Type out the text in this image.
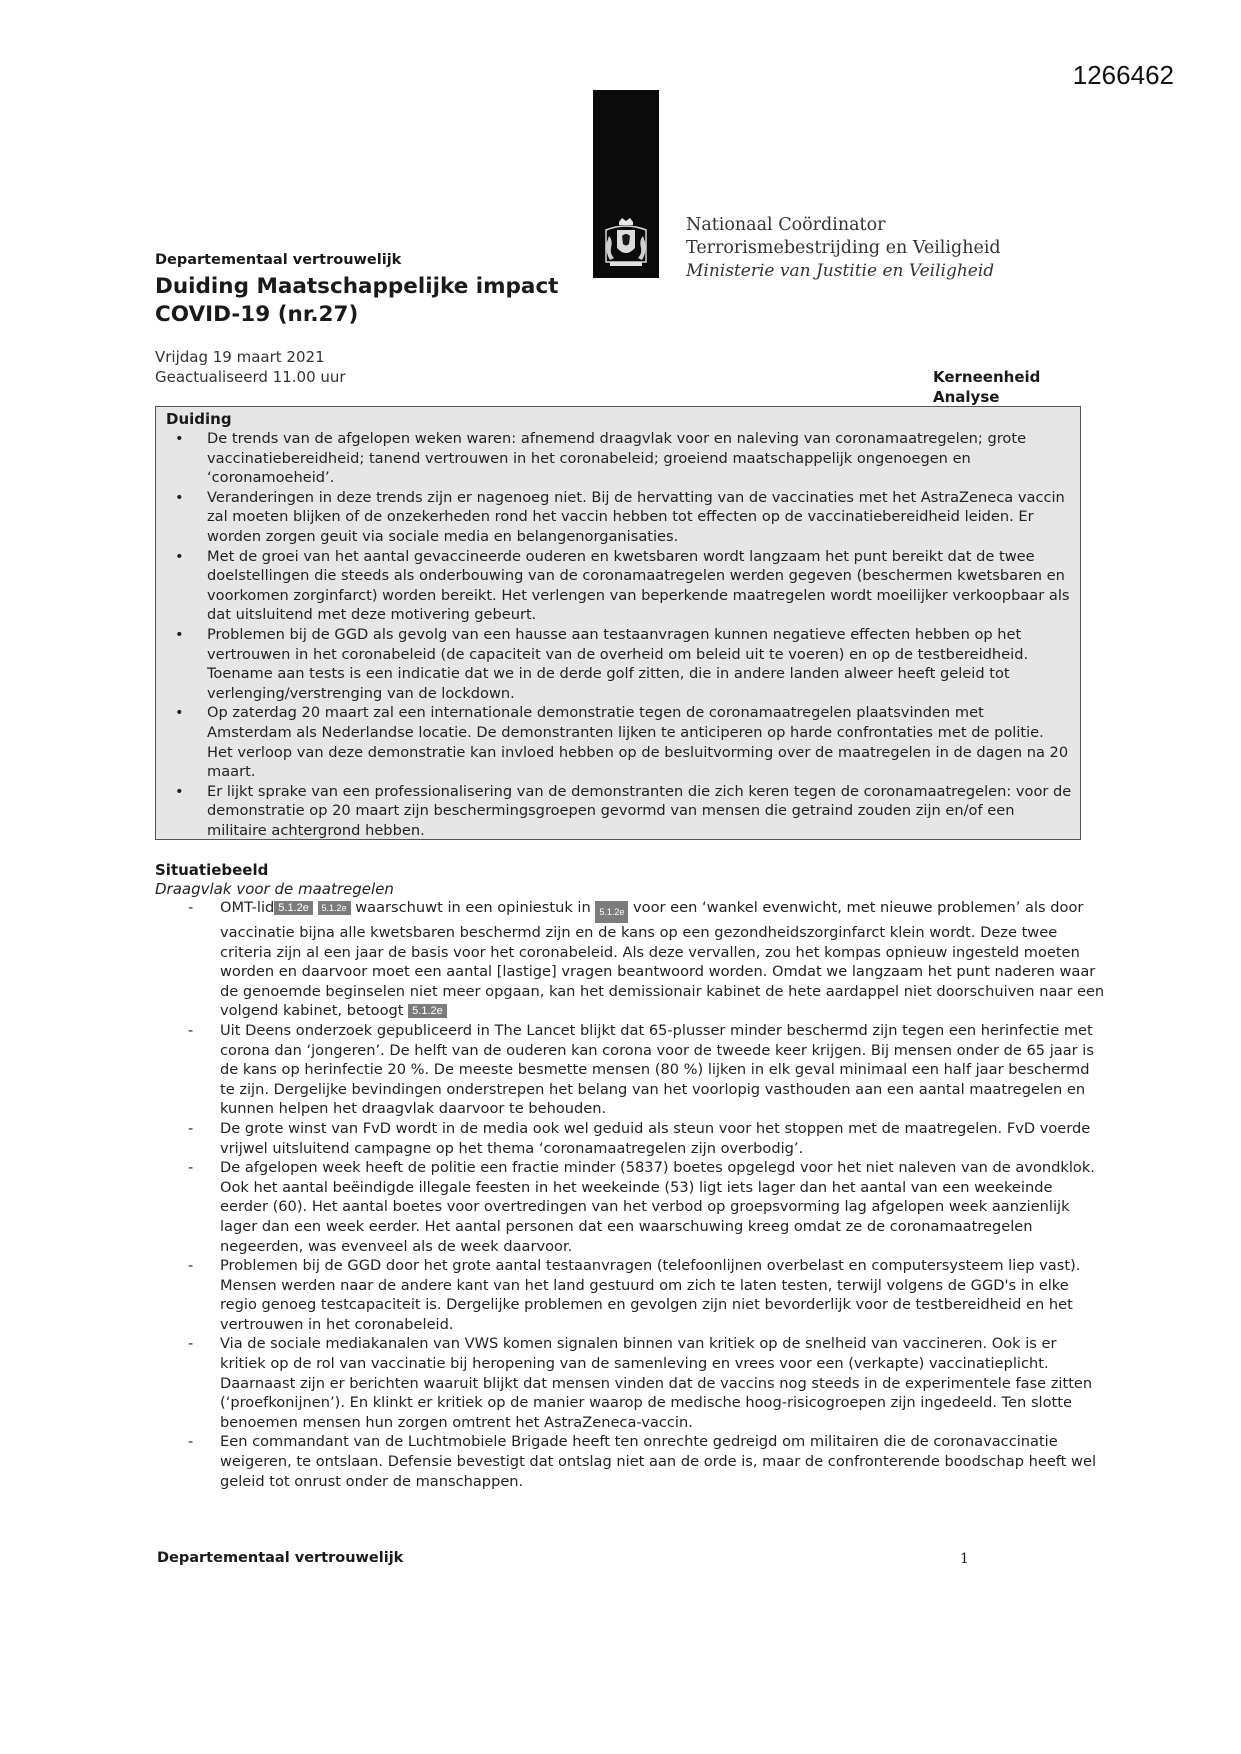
1266462
Nationaal Coördinator
Terrorismebestrijding en Veiligheid
Ministerie van Justitie en Veiligheid
Departementaal vertrouwelijk
Duiding Maatschappelijke impact
COVID-19 (nr.27)
Vrijdag 19 maart 2021
Geactualiseerd 11.00 uur	Kerneenheid
Analyse
Duiding
• De trends van de afgelopen weken waren: afnemend draagvlak voor en naleving van coronamaatregelen; grote vaccinatiebereidheid; tanend vertrouwen in het coronabeleid; groeiend maatschappelijk ongenoegen en ‘coronamoeheid’.
• Veranderingen in deze trends zijn er nagenoeg niet. Bij de hervatting van de vaccinaties met het AstraZeneca vaccin zal moeten blijken of de onzekerheden rond het vaccin hebben tot effecten op de vaccinatiebereidheid leiden. Er worden zorgen geuit via sociale media en belangenorganisaties.
• Met de groei van het aantal gevaccineerde ouderen en kwetsbaren wordt langzaam het punt bereikt dat de twee doelstellingen die steeds als onderbouwing van de coronamaatregelen werden gegeven (beschermen kwetsbaren en voorkomen zorginfarct) worden bereikt. Het verlengen van beperkende maatregelen wordt moeilijker verkoopbaar als dat uitsluitend met deze motivering gebeurt.
• Problemen bij de GGD als gevolg van een hausse aan testaanvragen kunnen negatieve effecten hebben op het vertrouwen in het coronabeleid (de capaciteit van de overheid om beleid uit te voeren) en op de testbereidheid. Toename aan tests is een indicatie dat we in de derde golf zitten, die in andere landen alweer heeft geleid tot verlenging/verstrenging van de lockdown.
• Op zaterdag 20 maart zal een internationale demonstratie tegen de coronamaatregelen plaatsvinden met Amsterdam als Nederlandse locatie. De demonstranten lijken te anticiperen op harde confrontaties met de politie. Het verloop van deze demonstratie kan invloed hebben op de besluitvorming over de maatregelen in de dagen na 20 maart.
• Er lijkt sprake van een professionalisering van de demonstranten die zich keren tegen de coronamaatregelen: voor de demonstratie op 20 maart zijn beschermingsgroepen gevormd van mensen die getraind zouden zijn en/of een militaire achtergrond hebben.
Situatiebeeld
Draagvlak voor de maatregelen
- OMT-lid 5.1.2e 5.1.2e waarschuwt in een opiniestuk in 5.1.2e voor een ‘wankel evenwicht, met nieuwe problemen’ als door vaccinatie bijna alle kwetsbaren beschermd zijn en de kans op een gezondheidszorginfarct klein wordt. Deze twee criteria zijn al een jaar de basis voor het coronabeleid. Als deze vervallen, zou het kompas opnieuw ingesteld moeten worden en daarvoor moet een aantal [lastige] vragen beantwoord worden. Omdat we langzaam het punt naderen waar de genoemde beginselen niet meer opgaan, kan het demissionair kabinet de hete aardappel niet doorschuiven naar een volgend kabinet, betoogt 5.1.2e
- Uit Deens onderzoek gepubliceerd in The Lancet blijkt dat 65-plusser minder beschermd zijn tegen een herinfectie met corona dan ‘jongeren’. De helft van de ouderen kan corona voor de tweede keer krijgen. Bij mensen onder de 65 jaar is de kans op herinfectie 20 %. De meeste besmette mensen (80 %) lijken in elk geval minimaal een half jaar beschermd te zijn. Dergelijke bevindingen onderstrepen het belang van het voorlopig vasthouden aan een aantal maatregelen en kunnen helpen het draagvlak daarvoor te behouden.
- De grote winst van FvD wordt in de media ook wel geduid als steun voor het stoppen met de maatregelen. FvD voerde vrijwel uitsluitend campagne op het thema ‘coronamaatregelen zijn overbodig’.
- De afgelopen week heeft de politie een fractie minder (5837) boetes opgelegd voor het niet naleven van de avondklok. Ook het aantal beëindigde illegale feesten in het weekeinde (53) ligt iets lager dan het aantal van een weekeinde eerder (60). Het aantal boetes voor overtredingen van het verbod op groepsvorming lag afgelopen week aanzienlijk lager dan een week eerder. Het aantal personen dat een waarschuwing kreeg omdat ze de coronamaatregelen negeerden, was evenveel als de week daarvoor.
- Problemen bij de GGD door het grote aantal testaanvragen (telefoonlijnen overbelast en computersysteem liep vast). Mensen werden naar de andere kant van het land gestuurd om zich te laten testen, terwijl volgens de GGD's in elke regio genoeg testcapaciteit is. Dergelijke problemen en gevolgen zijn niet bevorderlijk voor de testbereidheid en het vertrouwen in het coronabeleid.
- Via de sociale mediakanalen van VWS komen signalen binnen van kritiek op de snelheid van vaccineren. Ook is er kritiek op de rol van vaccinatie bij heropening van de samenleving en vrees voor een (verkapte) vaccinatieplicht. Daarnaast zijn er berichten waaruit blijkt dat mensen vinden dat de vaccins nog steeds in de experimentele fase zitten (‘proefkonijnen’). En klinkt er kritiek op de manier waarop de medische hoog-risicogroepen zijn ingedeeld. Ten slotte benoemen mensen hun zorgen omtrent het AstraZeneca-vaccin.
- Een commandant van de Luchtmobiele Brigade heeft ten onrechte gedreigd om militairen die de coronavaccinatie weigeren, te ontslaan. Defensie bevestigt dat ontslag niet aan de orde is, maar de confronterende boodschap heeft wel geleid tot onrust onder de manschappen.
Departementaal vertrouwelijk	1
